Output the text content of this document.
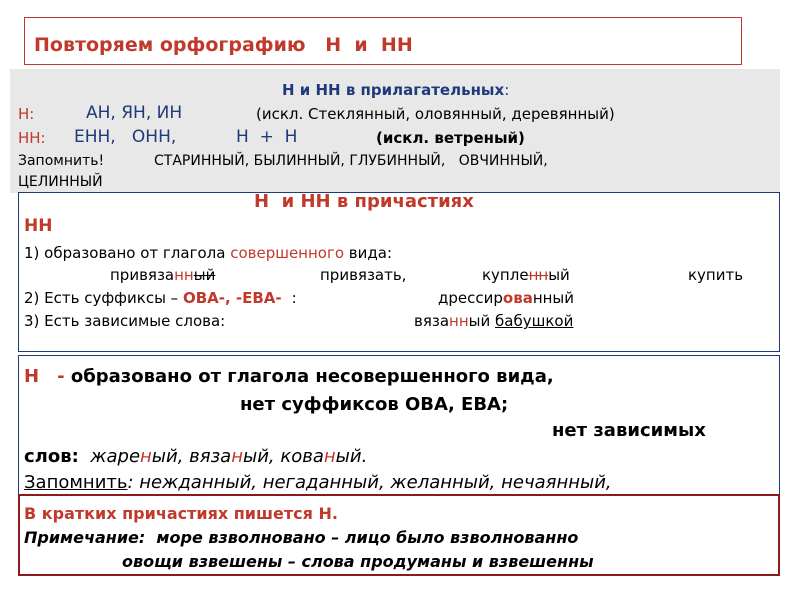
Повторяем орфографию   Н  и  НН
Н и НН в прилагательных:
Н:	АН, ЯН, ИН	(искл. Стеклянный, оловянный, деревянный)
НН: ЕНН,   ОНН,	Н  +  Н	(искл. ветреный)
Запомнить!	СТАРИННЫЙ, БЫЛИННЫЙ, ГЛУБИННЫЙ,   ОВЧИННЫЙ,
ЦЕЛИННЫЙ
Н  и НН в причастиях
НН
1) образовано от глагола совершенного вида:
привязанный	привязать,	купленный	купить
2) Есть суффиксы – ОВА-, -ЕВА- :	дрессированный
3) Есть зависимые слова:	вязанный бабушкой
Н - образовано от глагола несовершенного вида,
нет суффиксов ОВА, ЕВА;
нет зависимых
слов: жареный, вязаный, кованый.
Запомнить: нежданный, негаданный, желанный, нечаянный,
В кратких причастиях пишется Н.
Примечание:  море взволновано – лицо было взволнованно
овощи взвешены – слова продуманы и взвешенны
